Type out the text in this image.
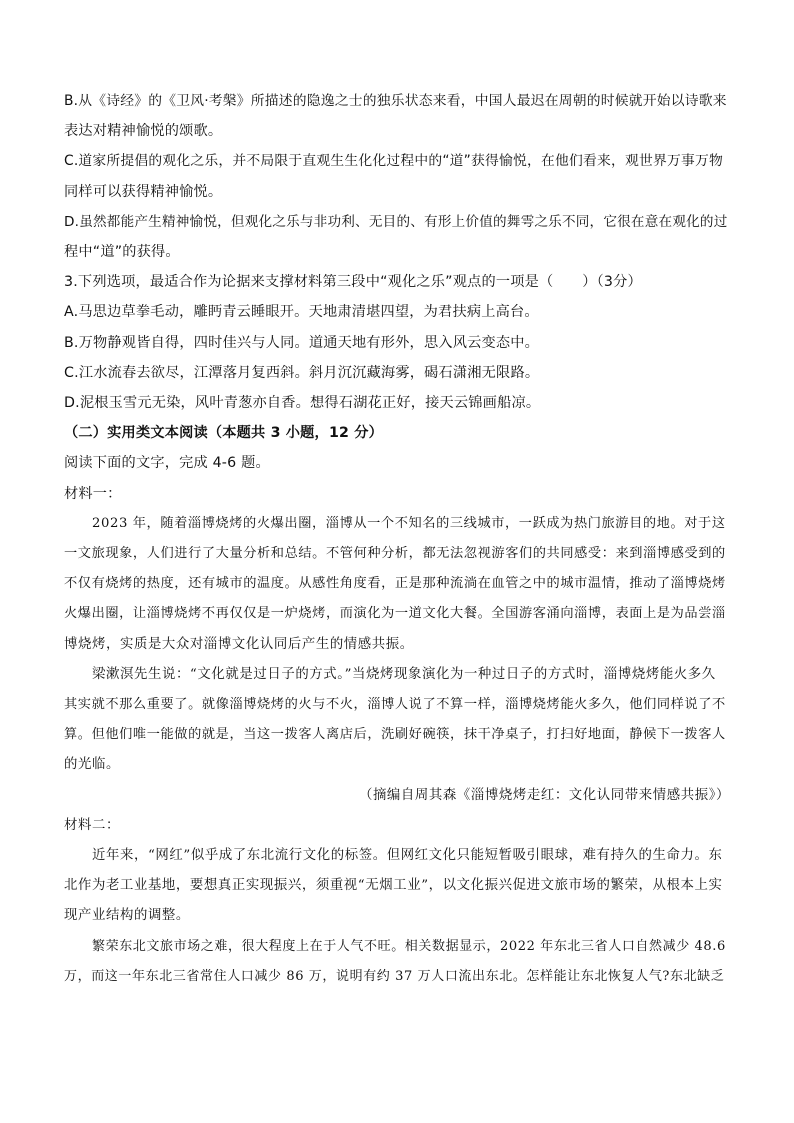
B.从《诗经》的《卫风·考槃》所描述的隐逸之士的独乐状态来看，中国人最迟在周朝的时候就开始以诗歌来

表达对精神愉悦的颂歌。

C.道家所提倡的观化之乐，并不局限于直观生生化化过程中的“道”获得愉悦，在他们看来，观世界万事万物

同样可以获得精神愉悦。

D.虽然都能产生精神愉悦，但观化之乐与非功利、无目的、有形上价值的舞雩之乐不同，它很在意在观化的过

程中“道”的获得。

3.下列选项，最适合作为论据来支撑材料第三段中“观化之乐”观点的一项是（　　）（3分）

A.马思边草拳毛动，雕眄青云睡眼开。天地肃清堪四望，为君扶病上高台。

B.万物静观皆自得，四时佳兴与人同。道通天地有形外，思入风云变态中。

C.江水流春去欲尽，江潭落月复西斜。斜月沉沉藏海雾，碣石潇湘无限路。

D.泥根玉雪元无染，风叶青葱亦自香。想得石湖花正好，接天云锦画船凉。

（二）实用类文本阅读（本题共 3 小题，12 分）

阅读下面的文字，完成 4-6 题。

材料一：

2023 年，随着淄博烧烤的火爆出圈，淄博从一个不知名的三线城市，一跃成为热门旅游目的地。对于这

一文旅现象，人们进行了大量分析和总结。不管何种分析，都无法忽视游客们的共同感受：来到淄博感受到的

不仅有烧烤的热度，还有城市的温度。从感性角度看，正是那种流淌在血管之中的城市温情，推动了淄博烧烤

火爆出圈，让淄博烧烤不再仅仅是一炉烧烤，而演化为一道文化大餐。全国游客涌向淄博，表面上是为品尝淄

博烧烤，实质是大众对淄博文化认同后产生的情感共振。

梁漱溟先生说：“文化就是过日子的方式。”当烧烤现象演化为一种过日子的方式时，淄博烧烤能火多久

其实就不那么重要了。就像淄博烧烤的火与不火，淄博人说了不算一样，淄博烧烤能火多久，他们同样说了不

算。但他们唯一能做的就是，当这一拨客人离店后，洗刷好碗筷，抹干净桌子，打扫好地面，静候下一拨客人

的光临。

（摘编自周其森《淄博烧烤走红：文化认同带来情感共振》）

材料二：

近年来，“网红”似乎成了东北流行文化的标签。但网红文化只能短暂吸引眼球，难有持久的生命力。东

北作为老工业基地，要想真正实现振兴，须重视“无烟工业”，以文化振兴促进文旅市场的繁荣，从根本上实

现产业结构的调整。

繁荣东北文旅市场之难，很大程度上在于人气不旺。相关数据显示，2022 年东北三省人口自然减少 48.6

万，而这一年东北三省常住人口减少 86 万，说明有约 37 万人口流出东北。怎样能让东北恢复人气?东北缺乏
